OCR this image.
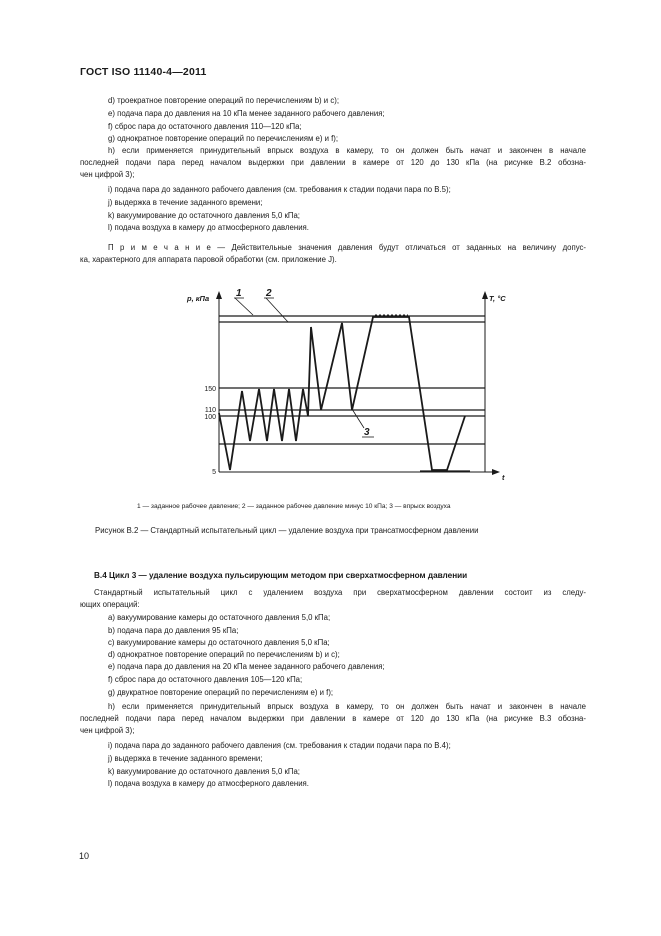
ГОСТ ISO 11140-4—2011
d) троекратное повторение операций по перечислениям b) и c);
e) подача пара до давления на 10 кПа менее заданного рабочего давления;
f) сброс пара до остаточного давления 110—120 кПа;
g) однократное повторение операций по перечислениям e) и f);
h) если применяется принудительный впрыск воздуха в камеру, то он должен быть начат и закончен в начале
последней подачи пара перед началом выдержки при давлении в камере от 120 до 130 кПа (на рисунке В.2 обозна-
чен цифрой 3);
i) подача пара до заданного рабочего давления (см. требования к стадии подачи пара по В.5);
j) выдержка в течение заданного времени;
k) вакуумирование до остаточного давления 5,0 кПа;
l) подача воздуха в камеру до атмосферного давления.
П р и м е ч а н и е — Действительные значения давления будут отличаться от заданных на величину допус-
ка, характерного для аппарата паровой обработки (см. приложение J).
p, кПа	T, °C
t
150
110
100
5
1 2
3
1 — заданное рабочее давление; 2 — заданное рабочее давление минус 10 кПа; 3 — впрыск воздуха
Рисунок В.2 — Стандартный испытательный цикл — удаление воздуха при трансатмосферном давлении
В.4 Цикл 3 — удаление воздуха пульсирующим методом при сверхатмосферном давлении
Стандартный испытательный цикл с удалением воздуха при сверхатмосферном давлении состоит из следу-
ющих операций:
a) вакуумирование камеры до остаточного давления 5,0 кПа;
b) подача пара до давления 95 кПа;
c) вакуумирование камеры до остаточного давления 5,0 кПа;
d) однократное повторение операций по перечислениям b) и c);
e) подача пара до давления на 20 кПа менее заданного рабочего давления;
f) сброс пара до остаточного давления 105—120 кПа;
g) двукратное повторение операций по перечислениям e) и f);
h) если применяется принудительный впрыск воздуха в камеру, то он должен быть начат и закончен в начале
последней подачи пара перед началом выдержки при давлении в камере от 120 до 130 кПа (на рисунке В.3 обозна-
чен цифрой 3);
i) подача пара до заданного рабочего давления (см. требования к стадии подачи пара по В.4);
j) выдержка в течение заданного времени;
k) вакуумирование до остаточного давления 5,0 кПа;
l) подача воздуха в камеру до атмосферного давления.
10
